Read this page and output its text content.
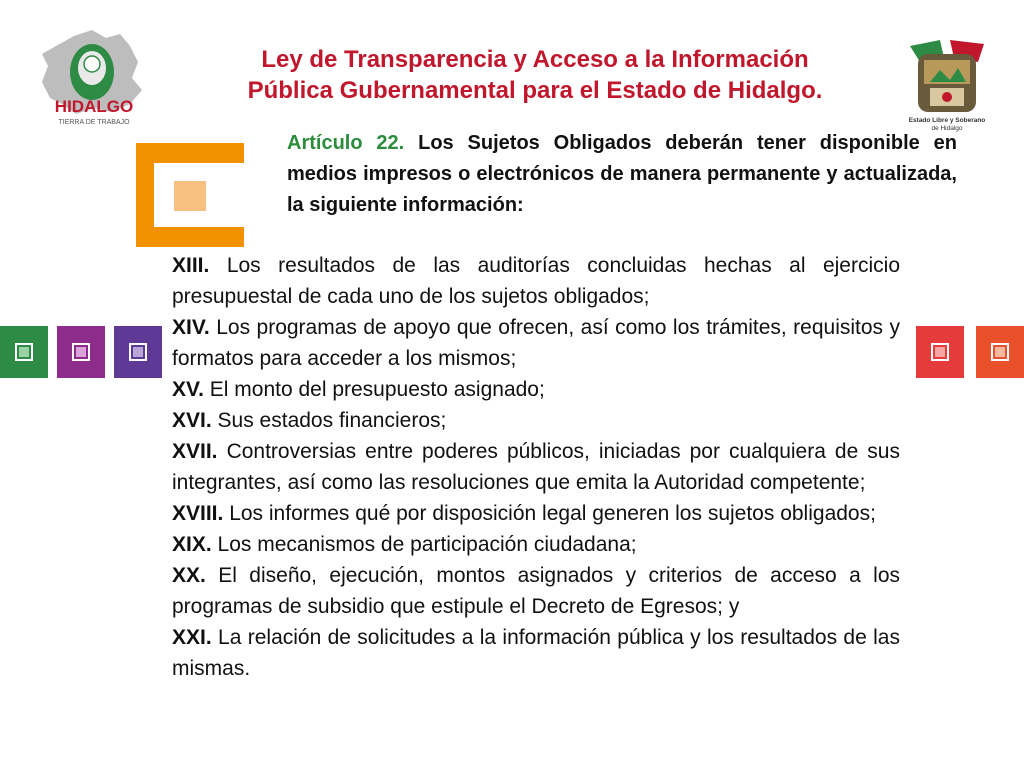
HIDALGO
TIERRA DE TRABAJO
Ley de Transparencia y Acceso a la Información
Pública Gubernamental para el Estado de Hidalgo.
Estado Libre y Soberano
de Hidalgo
Artículo 22. Los Sujetos Obligados deberán tener disponible en medios impresos o electrónicos de manera permanente y actualizada, la siguiente información:

XIII. Los resultados de las auditorías concluidas hechas al ejercicio presupuestal de cada uno de los sujetos obligados;

XIV. Los programas de apoyo que ofrecen, así como los trámites, requisitos y formatos para acceder a los mismos;

XV. El monto del presupuesto asignado;

XVI. Sus estados financieros;

XVII. Controversias entre poderes públicos, iniciadas por cualquiera de sus integrantes, así como las resoluciones que emita la Autoridad competente;

XVIII. Los informes qué por disposición legal generen los sujetos obligados;

XIX. Los mecanismos de participación ciudadana;

XX. El diseño, ejecución, montos asignados y criterios de acceso a los programas de subsidio que estipule el Decreto de Egresos; y

XXI. La relación de solicitudes a la información pública y los resultados de las mismas.
